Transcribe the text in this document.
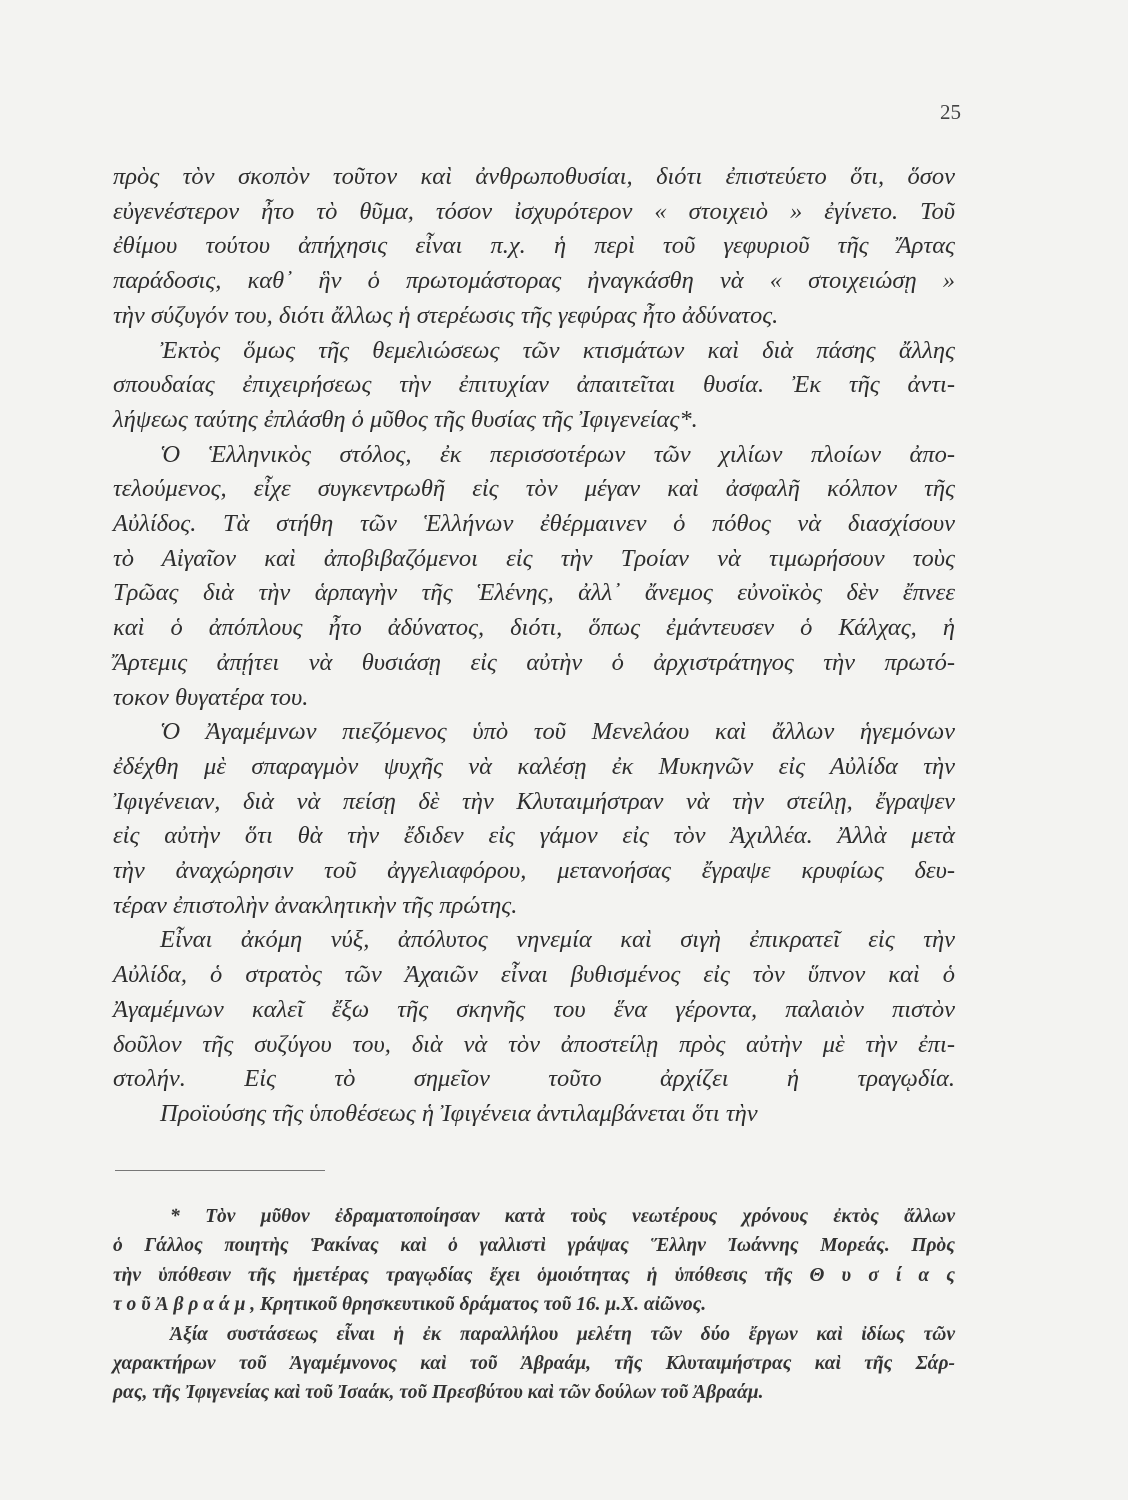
25
πρὸς τὸν σκοπὸν τοῦτον καὶ ἀνθρωποθυσίαι, διότι ἐπιστεύετο ὅτι, ὅσον
εὐγενέστερον ἦτο τὸ θῦμα, τόσον ἰσχυρότερον « στοιχειὸ » ἐγίνετο. Τοῦ
ἐθίμου τούτου ἀπήχησις εἶναι π.χ. ἡ περὶ τοῦ γεφυριοῦ τῆς Ἄρτας
παράδοσις, καθ᾽ ἣν ὁ πρωτομάστορας ἠναγκάσθη νὰ « στοιχειώσῃ »
τὴν σύζυγόν του, διότι ἄλλως ἡ στερέωσις τῆς γεφύρας ἦτο ἀδύνατος.
Ἐκτὸς ὅμως τῆς θεμελιώσεως τῶν κτισμάτων καὶ διὰ πάσης ἄλλης
σπουδαίας ἐπιχειρήσεως τὴν ἐπιτυχίαν ἀπαιτεῖται θυσία. Ἐκ τῆς ἀντι-
λήψεως ταύτης ἐπλάσθη ὁ μῦθος τῆς θυσίας τῆς Ἰφιγενείας*.
Ὁ Ἑλληνικὸς στόλος, ἐκ περισσοτέρων τῶν χιλίων πλοίων ἀπο-
τελούμενος, εἶχε συγκεντρωθῆ εἰς τὸν μέγαν καὶ ἀσφαλῆ κόλπον τῆς
Αὐλίδος. Τὰ στήθη τῶν Ἑλλήνων ἐθέρμαινεν ὁ πόθος νὰ διασχίσουν
τὸ Αἰγαῖον καὶ ἀποβιβαζόμενοι εἰς τὴν Τροίαν νὰ τιμωρήσουν τοὺς
Τρῶας διὰ τὴν ἁρπαγὴν τῆς Ἑλένης, ἀλλ᾽ ἄνεμος εὐνοϊκὸς δὲν ἔπνεε
καὶ ὁ ἀπόπλους ἦτο ἀδύνατος, διότι, ὅπως ἐμάντευσεν ὁ Κάλχας, ἡ
Ἄρτεμις ἀπῄτει νὰ θυσιάσῃ εἰς αὐτὴν ὁ ἀρχιστράτηγος τὴν πρωτό-
τοκον θυγατέρα του.
Ὁ Ἀγαμέμνων πιεζόμενος ὑπὸ τοῦ Μενελάου καὶ ἄλλων ἡγεμόνων
ἐδέχθη μὲ σπαραγμὸν ψυχῆς νὰ καλέσῃ ἐκ Μυκηνῶν εἰς Αὐλίδα τὴν
Ἰφιγένειαν, διὰ νὰ πείσῃ δὲ τὴν Κλυταιμήστραν νὰ τὴν στείλῃ, ἔγραψεν
εἰς αὐτὴν ὅτι θὰ τὴν ἔδιδεν εἰς γάμον εἰς τὸν Ἀχιλλέα. Ἀλλὰ μετὰ
τὴν ἀναχώρησιν τοῦ ἀγγελιαφόρου, μετανοήσας ἔγραψε κρυφίως δευ-
τέραν ἐπιστολὴν ἀνακλητικὴν τῆς πρώτης.
Εἶναι ἀκόμη νύξ, ἀπόλυτος νηνεμία καὶ σιγὴ ἐπικρατεῖ εἰς τὴν
Αὐλίδα, ὁ στρατὸς τῶν Ἀχαιῶν εἶναι βυθισμένος εἰς τὸν ὕπνον καὶ ὁ
Ἀγαμέμνων καλεῖ ἔξω τῆς σκηνῆς του ἕνα γέροντα, παλαιὸν πιστὸν
δοῦλον τῆς συζύγου του, διὰ νὰ τὸν ἀποστείλῃ πρὸς αὐτὴν μὲ τὴν ἐπι-
στολήν. Εἰς τὸ σημεῖον τοῦτο ἀρχίζει ἡ τραγῳδία.
Προϊούσης τῆς ὑποθέσεως ἡ Ἰφιγένεια ἀντιλαμβάνεται ὅτι τὴν
* Τὸν μῦθον ἐδραματοποίησαν κατὰ τοὺς νεωτέρους χρόνους ἐκτὸς ἄλλων
ὁ Γάλλος ποιητὴς Ῥακίνας καὶ ὁ γαλλιστὶ γράψας Ἕλλην Ἰωάννης Μορεάς. Πρὸς
τὴν ὑπόθεσιν τῆς ἡμετέρας τραγῳδίας ἔχει ὁμοιότητας ἡ ὑπόθεσις τῆς Θ υ σ ί α ς
τ ο ῦ Ἀ β ρ α ά μ , Κρητικοῦ θρησκευτικοῦ δράματος τοῦ 16. μ.Χ. αἰῶνος.
Ἀξία συστάσεως εἶναι ἡ ἐκ παραλλήλου μελέτη τῶν δύο ἔργων καὶ ἰδίως τῶν
χαρακτήρων τοῦ Ἀγαμέμνονος καὶ τοῦ Ἀβραάμ, τῆς Κλυταιμήστρας καὶ τῆς Σάρ-
ρας, τῆς Ἰφιγενείας καὶ τοῦ Ἰσαάκ, τοῦ Πρεσβύτου καὶ τῶν δούλων τοῦ Ἀβραάμ.
